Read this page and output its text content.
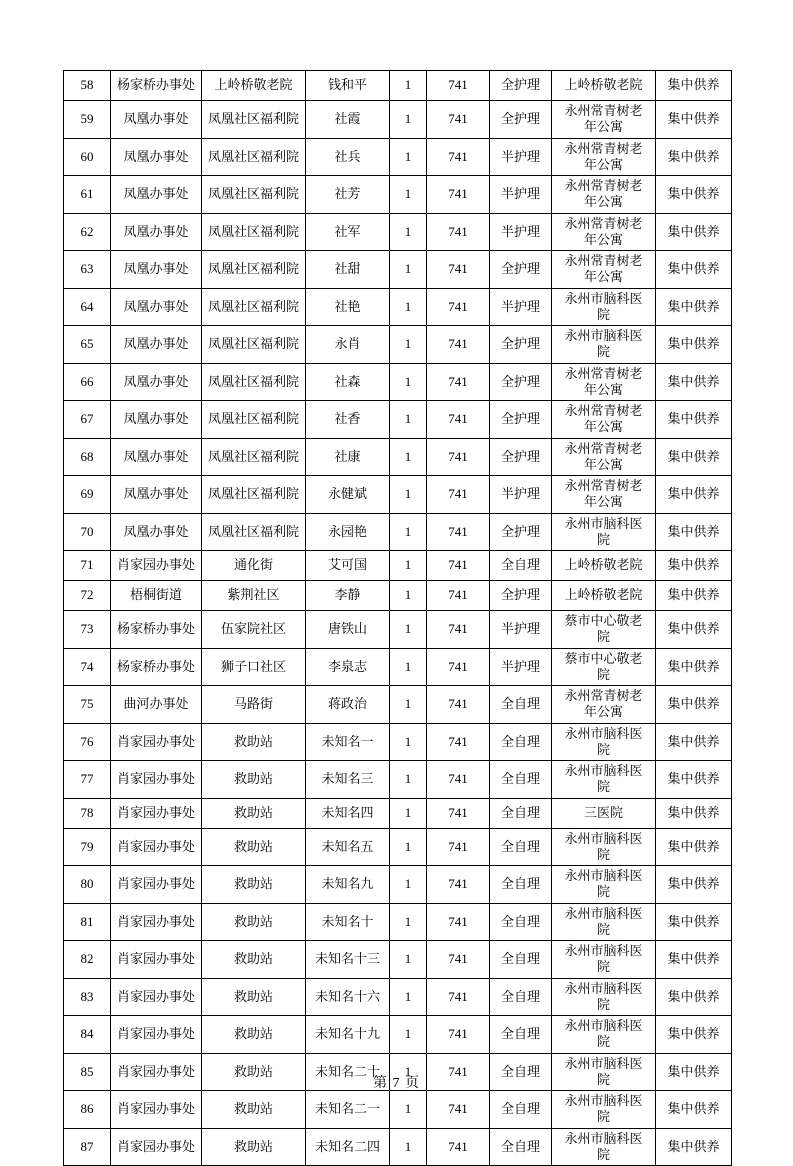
58	杨家桥办事处	上岭桥敬老院	钱和平	1	741	全护理	上岭桥敬老院	集中供养
59	凤凰办事处	凤凰社区福利院	社霞	1	741	全护理	永州常青树老年公寓	集中供养
60	凤凰办事处	凤凰社区福利院	社兵	1	741	半护理	永州常青树老年公寓	集中供养
61	凤凰办事处	凤凰社区福利院	社芳	1	741	半护理	永州常青树老年公寓	集中供养
62	凤凰办事处	凤凰社区福利院	社军	1	741	半护理	永州常青树老年公寓	集中供养
63	凤凰办事处	凤凰社区福利院	社甜	1	741	全护理	永州常青树老年公寓	集中供养
64	凤凰办事处	凤凰社区福利院	社艳	1	741	半护理	永州市脑科医院	集中供养
65	凤凰办事处	凤凰社区福利院	永肖	1	741	全护理	永州市脑科医院	集中供养
66	凤凰办事处	凤凰社区福利院	社森	1	741	全护理	永州常青树老年公寓	集中供养
67	凤凰办事处	凤凰社区福利院	社香	1	741	全护理	永州常青树老年公寓	集中供养
68	凤凰办事处	凤凰社区福利院	社康	1	741	全护理	永州常青树老年公寓	集中供养
69	凤凰办事处	凤凰社区福利院	永健斌	1	741	半护理	永州常青树老年公寓	集中供养
70	凤凰办事处	凤凰社区福利院	永园艳	1	741	全护理	永州市脑科医院	集中供养
71	肖家园办事处	通化街	艾可国	1	741	全自理	上岭桥敬老院	集中供养
72	梧桐街道	紫荆社区	李静	1	741	全护理	上岭桥敬老院	集中供养
73	杨家桥办事处	伍家院社区	唐铁山	1	741	半护理	蔡市中心敬老院	集中供养
74	杨家桥办事处	狮子口社区	李泉志	1	741	半护理	蔡市中心敬老院	集中供养
75	曲河办事处	马路街	蒋政治	1	741	全自理	永州常青树老年公寓	集中供养
76	肖家园办事处	救助站	未知名一	1	741	全自理	永州市脑科医院	集中供养
77	肖家园办事处	救助站	未知名三	1	741	全自理	永州市脑科医院	集中供养
78	肖家园办事处	救助站	未知名四	1	741	全自理	三医院	集中供养
79	肖家园办事处	救助站	未知名五	1	741	全自理	永州市脑科医院	集中供养
80	肖家园办事处	救助站	未知名九	1	741	全自理	永州市脑科医院	集中供养
81	肖家园办事处	救助站	未知名十	1	741	全自理	永州市脑科医院	集中供养
82	肖家园办事处	救助站	未知名十三	1	741	全自理	永州市脑科医院	集中供养
83	肖家园办事处	救助站	未知名十六	1	741	全自理	永州市脑科医院	集中供养
84	肖家园办事处	救助站	未知名十九	1	741	全自理	永州市脑科医院	集中供养
85	肖家园办事处	救助站	未知名二十	1	741	全自理	永州市脑科医院	集中供养
86	肖家园办事处	救助站	未知名二一	1	741	全自理	永州市脑科医院	集中供养
87	肖家园办事处	救助站	未知名二四	1	741	全自理	永州市脑科医院	集中供养
第 7 页
